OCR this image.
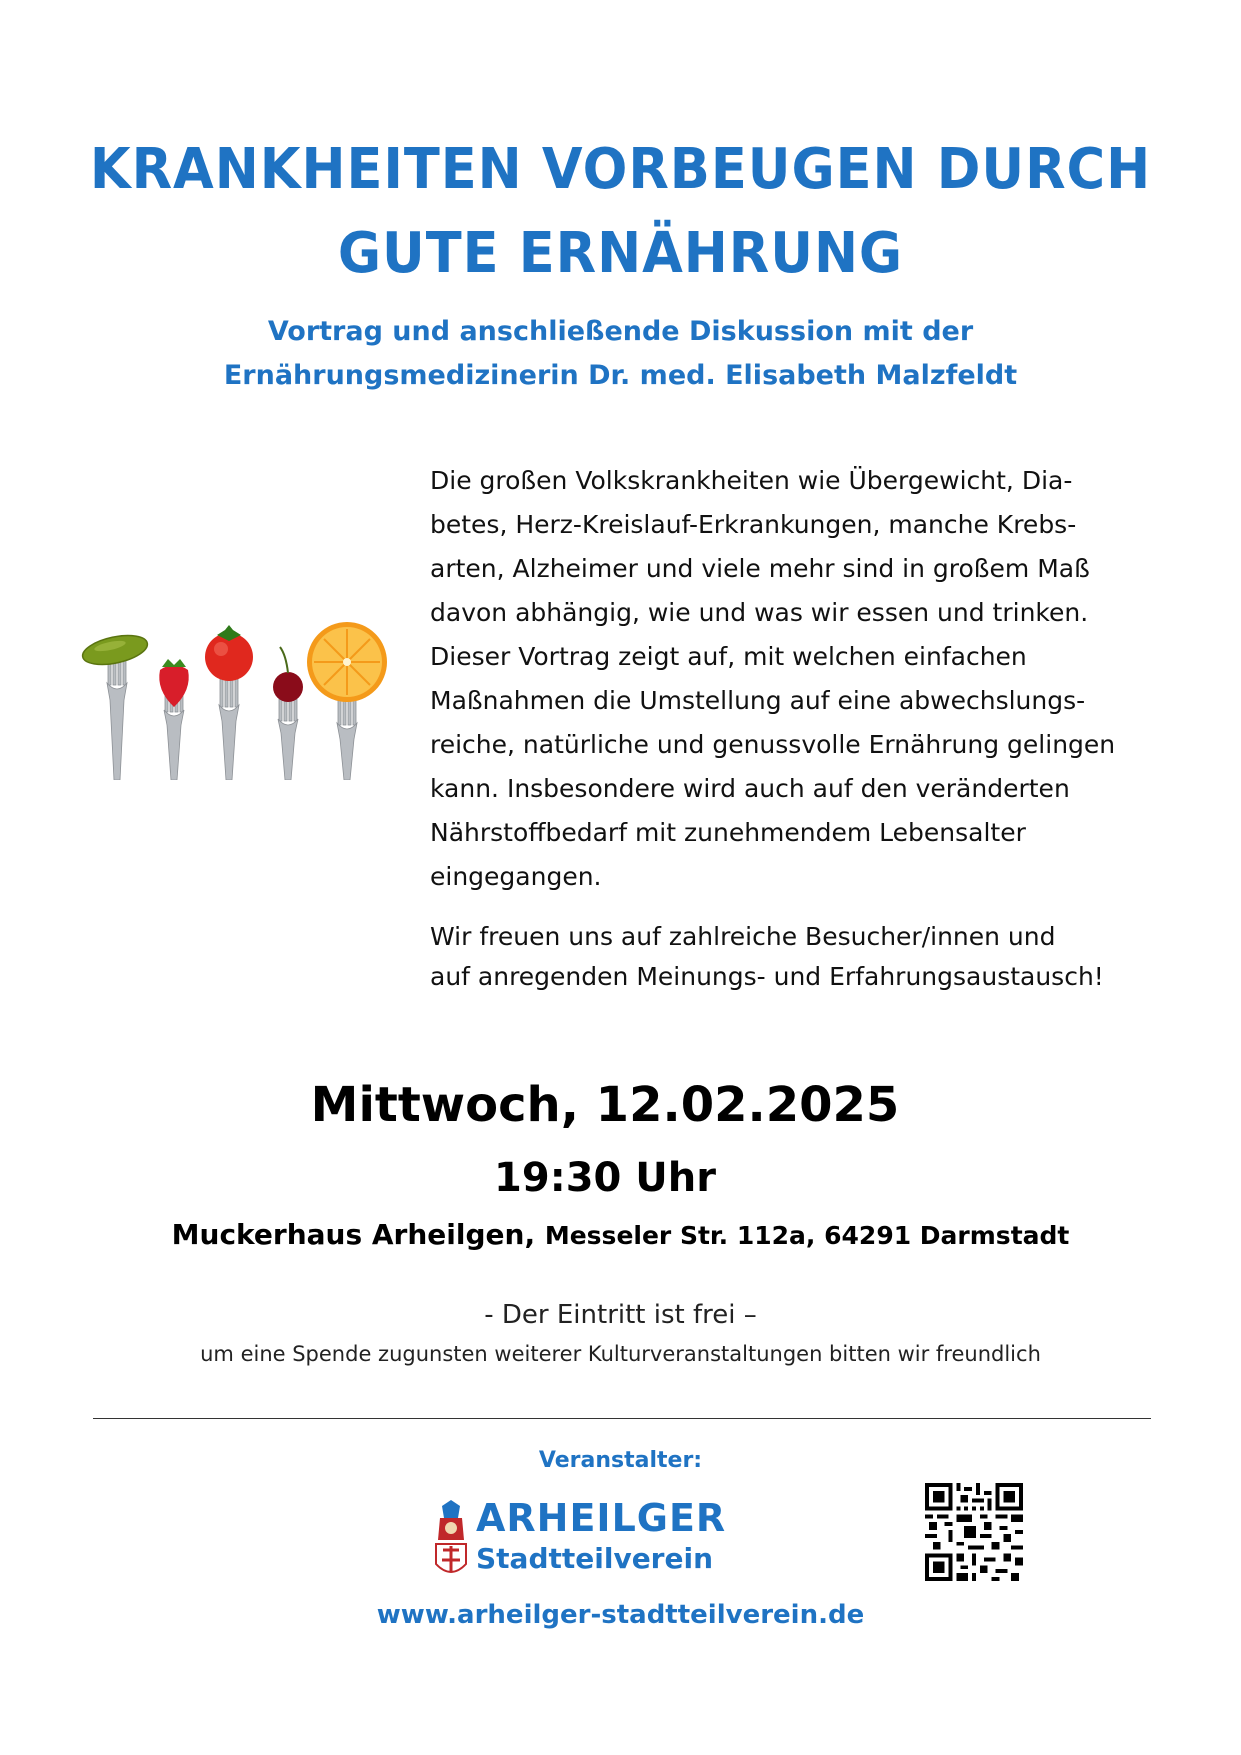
KRANKHEITEN VORBEUGEN DURCH
GUTE ERNÄHRUNG
Vortrag und anschließende Diskussion mit der
Ernährungsmedizinerin Dr. med. Elisabeth Malzfeldt

Die großen Volkskrankheiten wie Übergewicht, Dia-

betes, Herz-Kreislauf-Erkrankungen, manche Krebs-

arten, Alzheimer und viele mehr sind in großem Maß

davon abhängig, wie und was wir essen und trinken.

Dieser Vortrag zeigt auf, mit welchen einfachen

Maßnahmen die Umstellung auf eine abwechslungs-

reiche, natürliche und genussvolle Ernährung gelingen

kann. Insbesondere wird auch auf den veränderten

Nährstoffbedarf mit zunehmendem Lebensalter

eingegangen.

Wir freuen uns auf zahlreiche Besucher/innen und

auf anregenden Meinungs- und Erfahrungsaustausch!

Mittwoch, 12.02.2025
19:30 Uhr
Muckerhaus Arheilgen, Messeler Str. 112a, 64291 Darmstadt
- Der Eintritt ist frei –
um eine Spende zugunsten weiterer Kulturveranstaltungen bitten wir freundlich
Veranstalter:
ARHEILGER
Stadtteilverein
www.arheilger-stadtteilverein.de
